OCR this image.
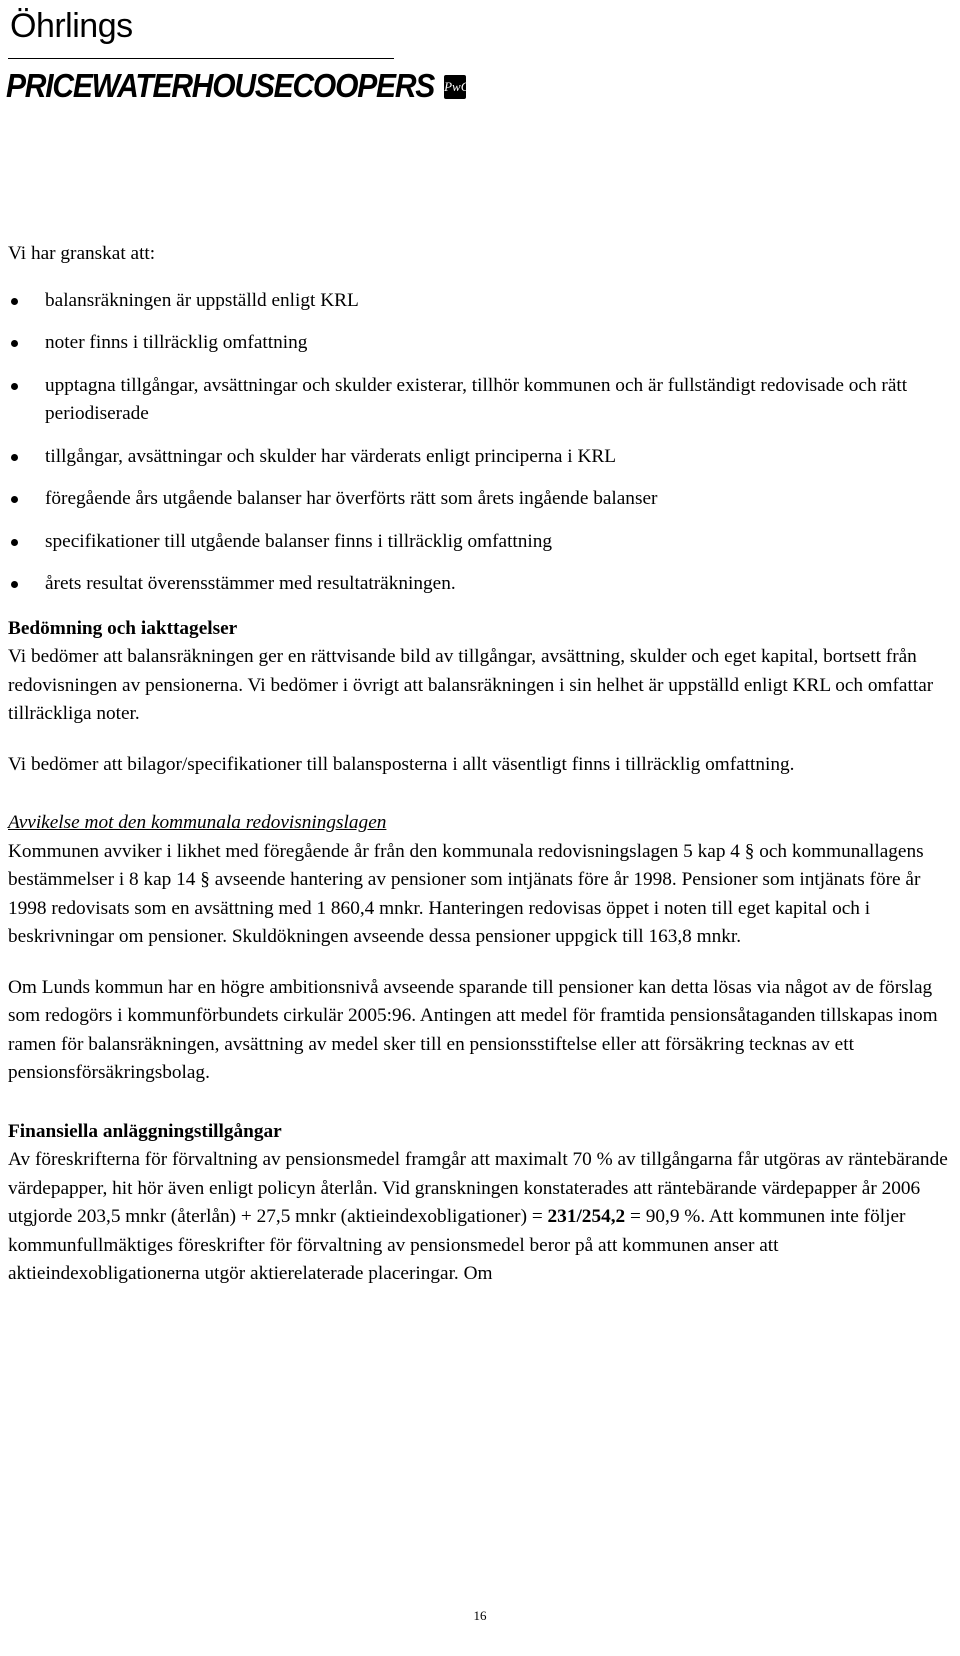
Öhrlings
PRICEWATERHOUSECOOPERS PwC

Vi har granskat att:

balansräkningen är uppställd enligt KRL
noter finns i tillräcklig omfattning
upptagna tillgångar, avsättningar och skulder existerar, tillhör kommunen och är fullständigt redovisade och rätt periodiserade
tillgångar, avsättningar och skulder har värderats enligt principerna i KRL
föregående års utgående balanser har överförts rätt som årets ingående balanser
specifikationer till utgående balanser finns i tillräcklig omfattning
årets resultat överensstämmer med resultaträkningen.

Bedömning och iakttagelser

Vi bedömer att balansräkningen ger en rättvisande bild av tillgångar, avsättning, skulder och eget kapital, bortsett från redovisningen av pensionerna. Vi bedömer i övrigt att balansräkningen i sin helhet är uppställd enligt KRL och omfattar tillräckliga noter.

Vi bedömer att bilagor/specifikationer till balansposterna i allt väsentligt finns i tillräcklig omfattning.

Avvikelse mot den kommunala redovisningslagen

Kommunen avviker i likhet med föregående år från den kommunala redovisningslagen 5 kap 4 § och kommunallagens bestämmelser i 8 kap 14 § avseende hantering av pensioner som intjänats före år 1998. Pensioner som intjänats före år 1998 redovisats som en avsättning med 1 860,4 mnkr. Hanteringen redovisas öppet i noten till eget kapital och i beskrivningar om pensioner. Skuldökningen avseende dessa pensioner uppgick till 163,8 mnkr.

Om Lunds kommun har en högre ambitionsnivå avseende sparande till pensioner kan detta lösas via något av de förslag som redogörs i kommunförbundets cirkulär 2005:96. Antingen att medel för framtida pensionsåtaganden tillskapas inom ramen för balansräkningen, avsättning av medel sker till en pensionsstiftelse eller att försäkring tecknas av ett pensionsförsäkringsbolag.

Finansiella anläggningstillgångar

Av föreskrifterna för förvaltning av pensionsmedel framgår att maximalt 70 % av tillgångarna får utgöras av räntebärande värdepapper, hit hör även enligt policyn återlån. Vid granskningen konstaterades att räntebärande värdepapper år 2006 utgjorde 203,5 mnkr (återlån) + 27,5 mnkr (aktieindexobligationer) = 231/254,2 = 90,9 %. Att kommunen inte följer kommunfullmäktiges föreskrifter för förvaltning av pensionsmedel beror på att kommunen anser att aktieindexobligationerna utgör aktierelaterade placeringar. Om

16
